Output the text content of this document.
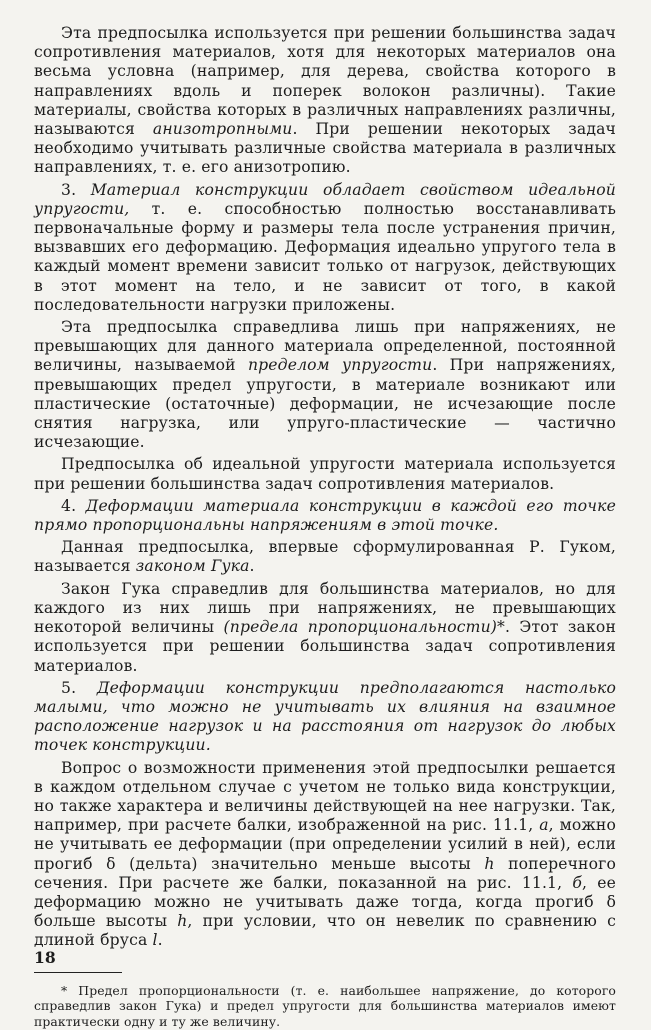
Эта предпосылка используется при решении большинства задач сопротивления материалов, хотя для некоторых материалов она весьма условна (например, для дерева, свойства которого в направлениях вдоль и поперек волокон различны). Такие материалы, свойства которых в различных направлениях различны, называются анизотропными. При решении некоторых задач необходимо учитывать различные свойства материала в различных направлениях, т. е. его анизотропию.

3. Материал конструкции обладает свойством идеальной упругости, т. е. способностью полностью восстанавливать первоначальные форму и размеры тела после устранения причин, вызвавших его деформацию. Деформация идеально упругого тела в каждый момент времени зависит только от нагрузок, действующих в этот момент на тело, и не зависит от того, в какой последовательности нагрузки приложены.

Эта предпосылка справедлива лишь при напряжениях, не превышающих для данного материала определенной, постоянной величины, называемой пределом упругости. При напряжениях, превышающих предел упругости, в материале возникают или пластические (остаточные) деформации, не исчезающие после снятия нагрузка, или упруго-пластические — частично исчезающие.

Предпосылка об идеальной упругости материала используется при решении большинства задач сопротивления материалов.

4. Деформации материала конструкции в каждой его точке прямо пропорциональны напряжениям в этой точке.

Данная предпосылка, впервые сформулированная Р. Гуком, называется законом Гука.

Закон Гука справедлив для большинства материалов, но для каждого из них лишь при напряжениях, не превышающих некоторой величины (предела пропорциональности)*. Этот закон используется при решении большинства задач сопротивления материалов.

5. Деформации конструкции предполагаются настолько малыми, что можно не учитывать их влияния на взаимное расположение нагрузок и на расстояния от нагрузок до любых точек конструкции.

Вопрос о возможности применения этой предпосылки решается в каждом отдельном случае с учетом не только вида конструкции, но также характера и величины действующей на нее нагрузки. Так, например, при расчете балки, изображенной на рис. 11.1, а, можно не учитывать ее деформации (при определении усилий в ней), если прогиб δ (дельта) значительно меньше высоты h поперечного сечения. При расчете же балки, показанной на рис. 11.1, б, ее деформацию можно не учитывать даже тогда, когда прогиб δ больше высоты h, при условии, что он невелик по сравнению с длиной бруса l.

* Предел пропорциональности (т. е. наибольшее напряжение, до которого справедлив закон Гука) и предел упругости для большинства материалов имеют практически одну и ту же величину.

18
